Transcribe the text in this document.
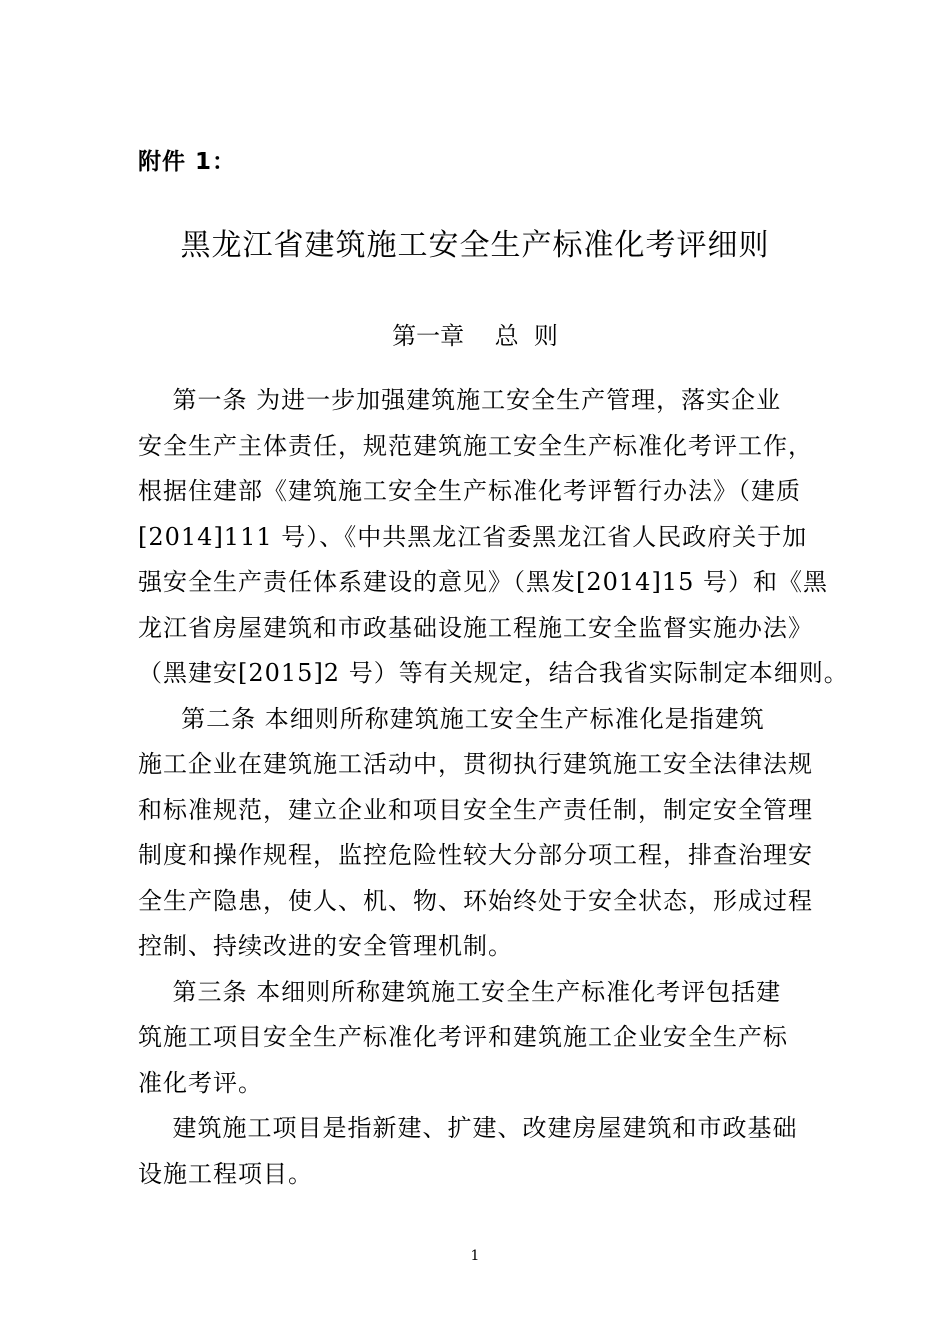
附件 1：
黑龙江省建筑施工安全生产标准化考评细则
第一章    总  则
第一条 为进一步加强建筑施工安全生产管理，落实企业
安全生产主体责任，规范建筑施工安全生产标准化考评工作，
根据住建部《建筑施工安全生产标准化考评暂行办法》（建质
[2014]111 号）、《中共黑龙江省委黑龙江省人民政府关于加
强安全生产责任体系建设的意见》（黑发[2014]15 号）和《黑
龙江省房屋建筑和市政基础设施工程施工安全监督实施办法》
（黑建安[2015]2 号）等有关规定，结合我省实际制定本细则。
第二条 本细则所称建筑施工安全生产标准化是指建筑
施工企业在建筑施工活动中，贯彻执行建筑施工安全法律法规
和标准规范，建立企业和项目安全生产责任制，制定安全管理
制度和操作规程，监控危险性较大分部分项工程，排查治理安
全生产隐患，使人、机、物、环始终处于安全状态，形成过程
控制、持续改进的安全管理机制。
第三条 本细则所称建筑施工安全生产标准化考评包括建
筑施工项目安全生产标准化考评和建筑施工企业安全生产标
准化考评。
建筑施工项目是指新建、扩建、改建房屋建筑和市政基础
设施工程项目。
1
